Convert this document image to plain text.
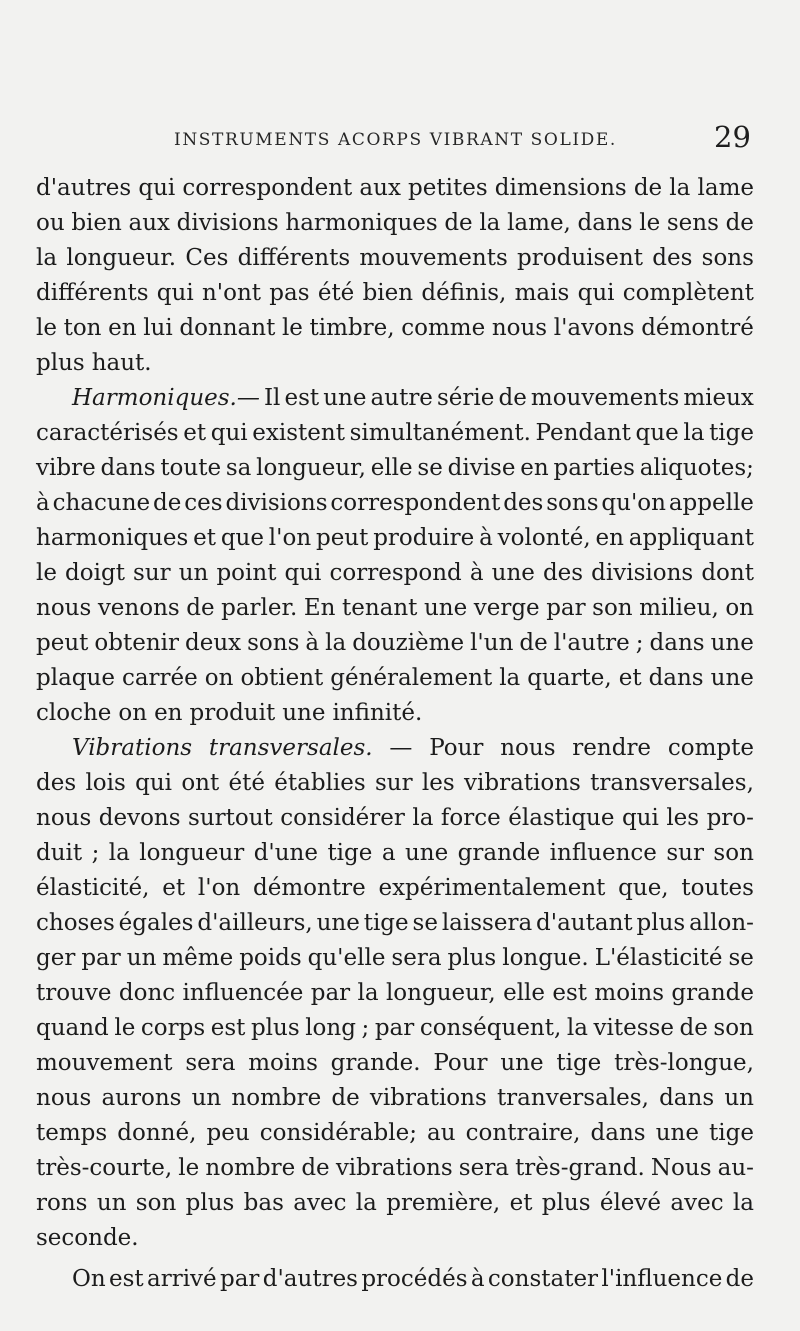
INSTRUMENTS ACORPS VIBRANT SOLIDE.	29
d'autres qui correspondent aux petites dimensions de la lame
ou bien aux divisions harmoniques de la lame, dans le sens de
la longueur. Ces différents mouvements produisent des sons
différents qui n'ont pas été bien définis, mais qui complètent
le ton en lui donnant le timbre, comme nous l'avons démontré
plus haut.
Harmoniques.— Il est une autre série de mouvements mieux
caractérisés et qui existent simultanément. Pendant que la tige
vibre dans toute sa longueur, elle se divise en parties aliquotes;
à chacune de ces divisions correspondent des sons qu'on appelle
harmoniques et que l'on peut produire à volonté, en appliquant
le doigt sur un point qui correspond à une des divisions dont
nous venons de parler. En tenant une verge par son milieu, on
peut obtenir deux sons à la douzième l'un de l'autre ; dans une
plaque carrée on obtient généralement la quarte, et dans une
cloche on en produit une infinité.
Vibrations transversales. — Pour nous rendre compte
des lois qui ont été établies sur les vibrations transversales,
nous devons surtout considérer la force élastique qui les pro-
duit ; la longueur d'une tige a une grande influence sur son
élasticité, et l'on démontre expérimentalement que, toutes
choses égales d'ailleurs, une tige se laissera d'autant plus allon-
ger par un même poids qu'elle sera plus longue. L'élasticité se
trouve donc influencée par la longueur, elle est moins grande
quand le corps est plus long ; par conséquent, la vitesse de son
mouvement sera moins grande. Pour une tige très-longue,
nous aurons un nombre de vibrations tranversales, dans un
temps donné, peu considérable; au contraire, dans une tige
très-courte, le nombre de vibrations sera très-grand. Nous au-
rons un son plus bas avec la première, et plus élevé avec la
seconde.
On est arrivé par d'autres procédés à constater l'influence de
